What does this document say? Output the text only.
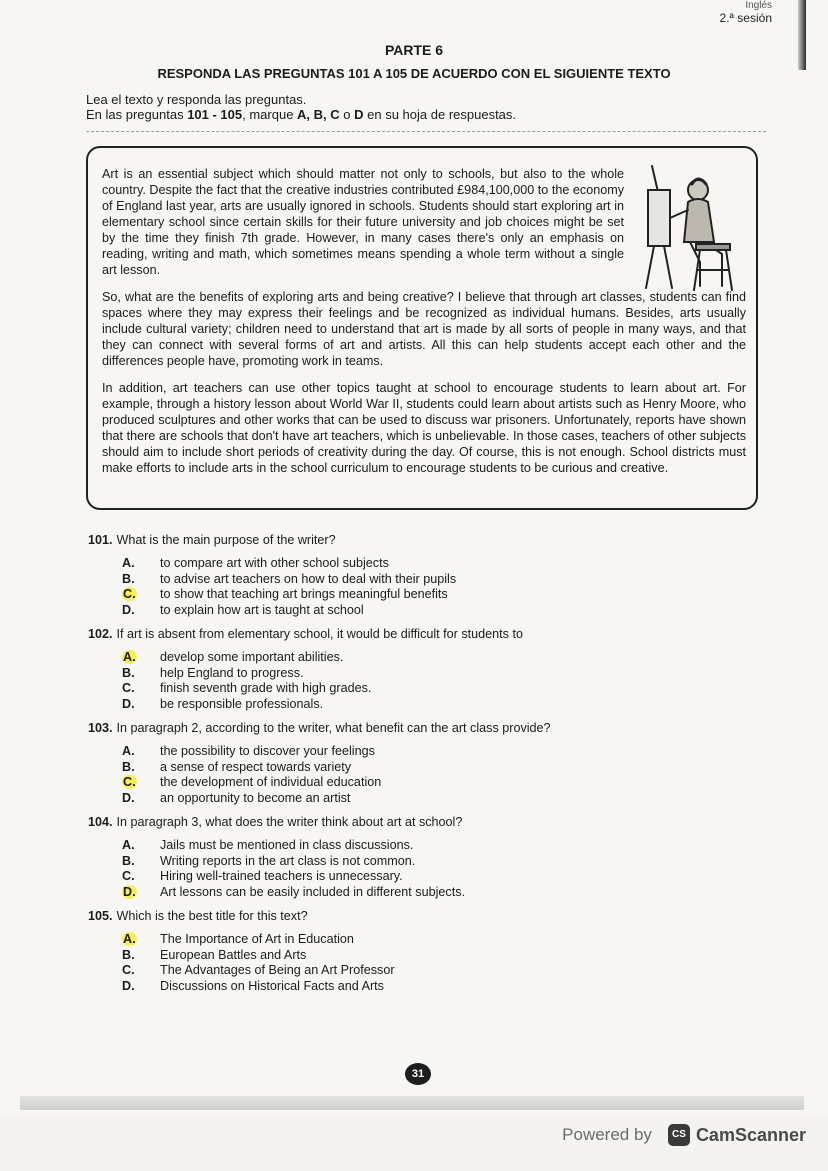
Inglés
2.ª sesión
PARTE 6
RESPONDA LAS PREGUNTAS 101 A 105 DE ACUERDO CON EL SIGUIENTE TEXTO
Lea el texto y responda las preguntas.
En las preguntas 101 - 105, marque A, B, C o D en su hoja de respuestas.

Art is an essential subject which should matter not only to schools, but also to the whole country. Despite the fact that the creative industries contributed £984,100,000 to the economy of England last year, arts are usually ignored in schools. Students should start exploring art in elementary school since certain skills for their future university and job choices might be set by the time they finish 7th grade. However, in many cases there's only an emphasis on reading, writing and math, which sometimes means spending a whole term without a single art lesson.

So, what are the benefits of exploring arts and being creative? I believe that through art classes, students can find spaces where they may express their feelings and be recognized as individual humans. Besides, arts usually include cultural variety; children need to understand that art is made by all sorts of people in many ways, and that they can connect with several forms of art and artists. All this can help students accept each other and the differences people have, promoting work in teams.

In addition, art teachers can use other topics taught at school to encourage students to learn about art. For example, through a history lesson about World War II, students could learn about artists such as Henry Moore, who produced sculptures and other works that can be used to discuss war prisoners. Unfortunately, reports have shown that there are schools that don't have art teachers, which is unbelievable. In those cases, teachers of other subjects should aim to include short periods of creativity during the day. Of course, this is not enough. School districts must make efforts to include arts in the school curriculum to encourage students to be curious and creative.

101. What is the main purpose of the writer?
A.	to compare art with other school subjects
B.	to advise art teachers on how to deal with their pupils
C.	to show that teaching art brings meaningful benefits
D.	to explain how art is taught at school
102. If art is absent from elementary school, it would be difficult for students to
A.	develop some important abilities.
B.	help England to progress.
C.	finish seventh grade with high grades.
D.	be responsible professionals.
103. In paragraph 2, according to the writer, what benefit can the art class provide?
A.	the possibility to discover your feelings
B.	a sense of respect towards variety
C.	the development of individual education
D.	an opportunity to become an artist
104. In paragraph 3, what does the writer think about art at school?
A.	Jails must be mentioned in class discussions.
B.	Writing reports in the art class is not common.
C.	Hiring well-trained teachers is unnecessary.
D.	Art lessons can be easily included in different subjects.
105. Which is the best title for this text?
A.	The Importance of Art in Education
B.	European Battles and Arts
C.	The Advantages of Being an Art Professor
D.	Discussions on Historical Facts and Arts
31
Powered by	CS CamScanner
